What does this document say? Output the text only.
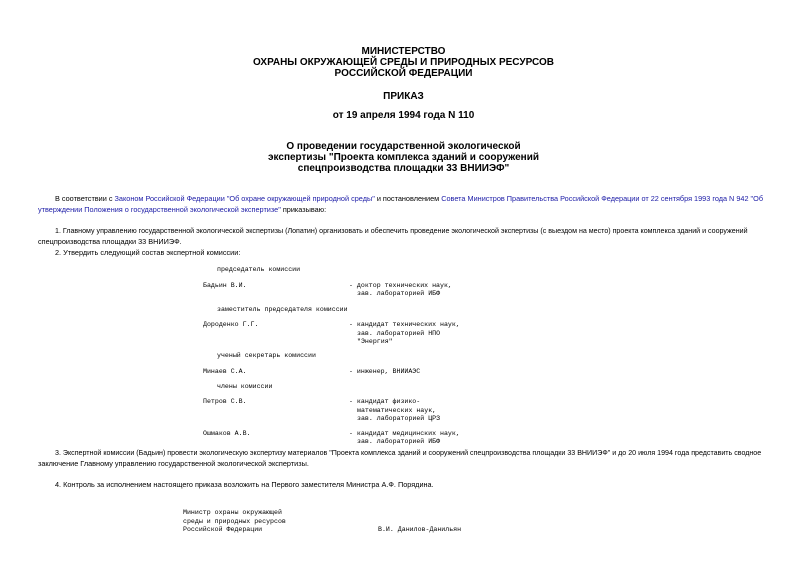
МИНИСТЕРСТВО
ОХРАНЫ ОКРУЖАЮЩЕЙ СРЕДЫ И ПРИРОДНЫХ РЕСУРСОВ
РОССИЙСКОЙ ФЕДЕРАЦИИ
ПРИКАЗ
от 19 апреля 1994 года N 110
О проведении государственной экологической
экспертизы "Проекта комплекса зданий и сооружений
спецпроизводства площадки 33 ВНИИЭФ"
В соответствии с Законом Российской Федерации "Об охране окружающей природной среды" и постановлением Совета Министров Правительства Российской Федерации от 22 сентября 1993 года N 942 "Об
утверждении Положения о государственной экологической экспертизе" приказываю:
1. Главному управлению государственной экологической экспертизы (Лопатин) организовать и обеспечить проведение экологической экспертизы (с выездом на место) проекта комплекса зданий и сооружений
спецпроизводства площадки 33 ВНИИЭФ.
2. Утвердить следующий состав экспертной комиссии:
председатель комиссии
Бадьин В.И.	- доктор технических наук,
зав. лабораторией ИБФ
заместитель председателя комиссии
Дороденко Г.Г.	- кандидат технических наук,
зав. лабораторией НПО
"Энергия"
ученый секретарь комиссии
Минаев С.А.	- инженер, ВНИИАЭС
члены комиссии
Петров С.В.	- кандидат физико-
математических наук,
зав. лабораторией ЦРЗ
Ошмаков А.В.	- кандидат медицинских наук,
зав. лабораторией ИБФ
3. Экспертной комиссии (Бадьин) провести экологическую экспертизу материалов "Проекта комплекса зданий и сооружений спецпроизводства площадки 33 ВНИИЭФ" и до 20 июля 1994 года представить сводное
заключение Главному управлению государственной экологической экспертизы.
4. Контроль за исполнением настоящего приказа возложить на Первого заместителя Министра А.Ф. Порядина.
Министр охраны окружающей
среды и природных ресурсов
Российской Федерации	В.И. Данилов-Данильян
